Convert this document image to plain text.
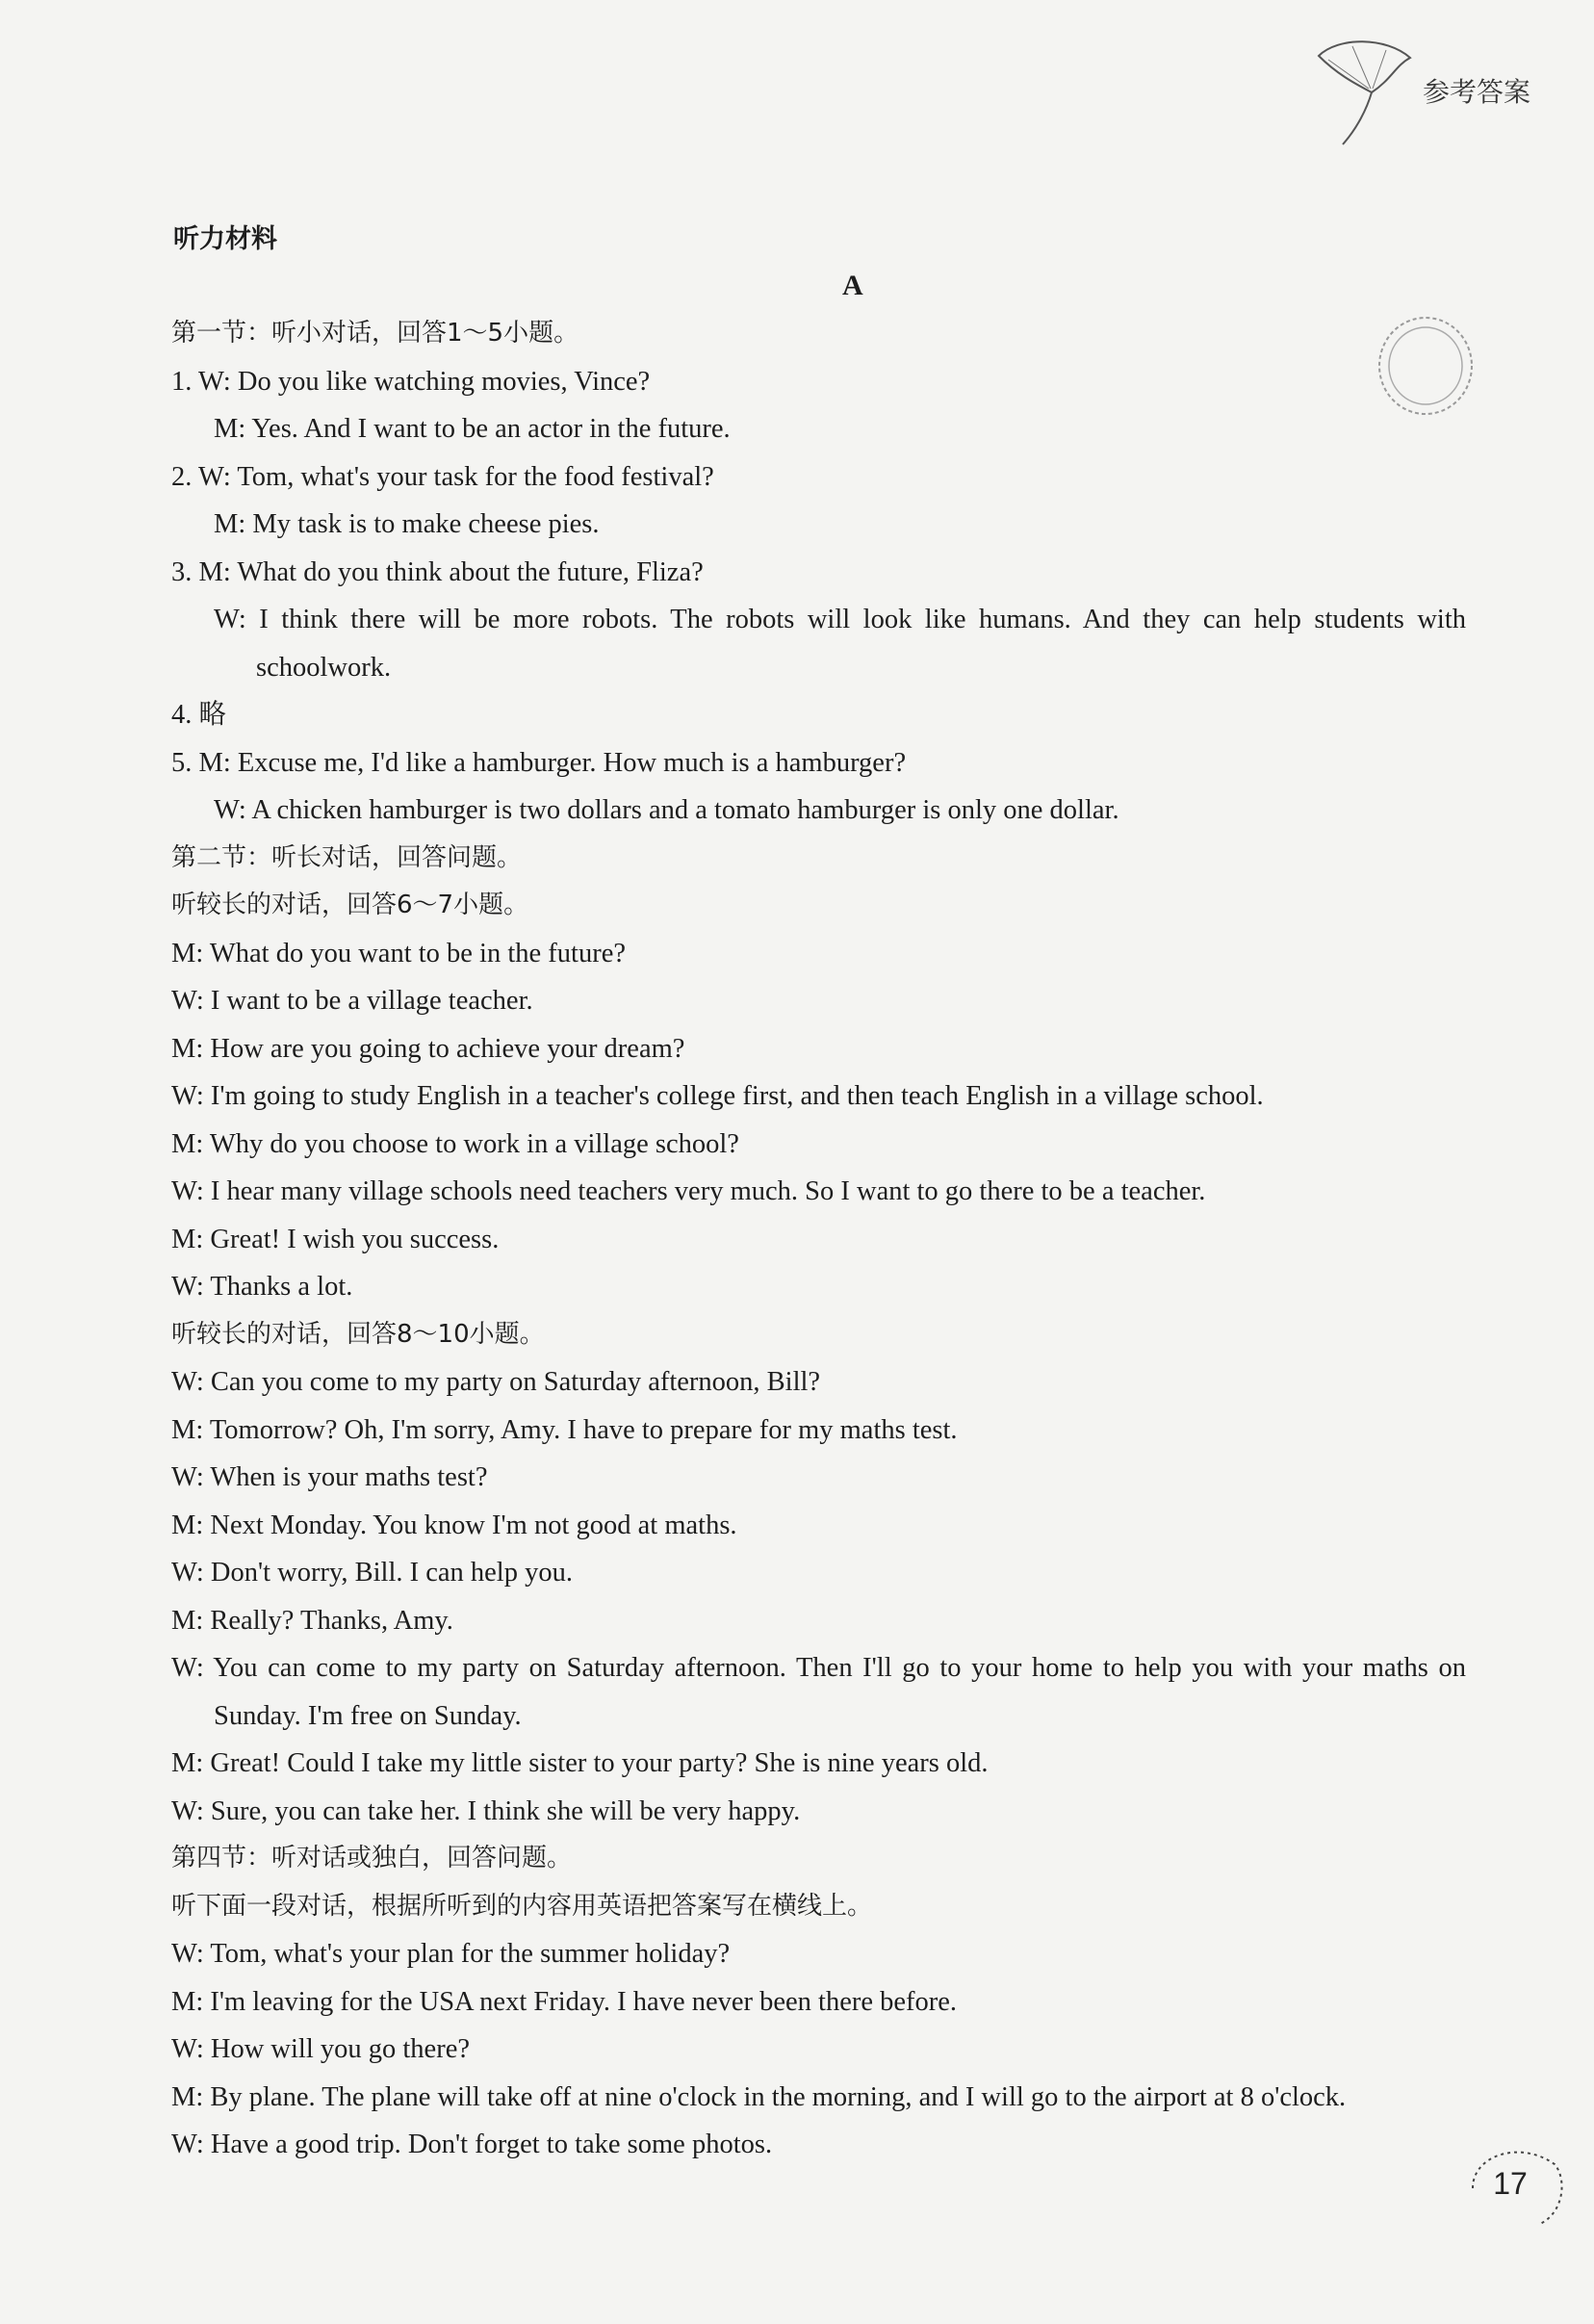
参考答案
听力材料
A
第一节：听小对话，回答1～5小题。
1. W: Do you like watching movies, Vince?
M: Yes. And I want to be an actor in the future.
2. W: Tom, what's your task for the food festival?
M: My task is to make cheese pies.
3. M: What do you think about the future, Fliza?
W: I think there will be more robots. The robots will look like humans. And they can help students with schoolwork.
4. 略
5. M: Excuse me, I'd like a hamburger. How much is a hamburger?
W: A chicken hamburger is two dollars and a tomato hamburger is only one dollar.
第二节：听长对话，回答问题。
听较长的对话，回答6～7小题。
M: What do you want to be in the future?
W: I want to be a village teacher.
M: How are you going to achieve your dream?
W: I'm going to study English in a teacher's college first, and then teach English in a village school.
M: Why do you choose to work in a village school?
W: I hear many village schools need teachers very much. So I want to go there to be a teacher.
M: Great! I wish you success.
W: Thanks a lot.
听较长的对话，回答8～10小题。
W: Can you come to my party on Saturday afternoon, Bill?
M: Tomorrow? Oh, I'm sorry, Amy. I have to prepare for my maths test.
W: When is your maths test?
M: Next Monday. You know I'm not good at maths.
W: Don't worry, Bill. I can help you.
M: Really? Thanks, Amy.
W: You can come to my party on Saturday afternoon. Then I'll go to your home to help you with your maths on Sunday. I'm free on Sunday.
M: Great! Could I take my little sister to your party? She is nine years old.
W: Sure, you can take her. I think she will be very happy.
第四节：听对话或独白，回答问题。
听下面一段对话，根据所听到的内容用英语把答案写在横线上。
W: Tom, what's your plan for the summer holiday?
M: I'm leaving for the USA next Friday. I have never been there before.
W: How will you go there?
M: By plane. The plane will take off at nine o'clock in the morning, and I will go to the airport at 8 o'clock.
W: Have a good trip. Don't forget to take some photos.
17
